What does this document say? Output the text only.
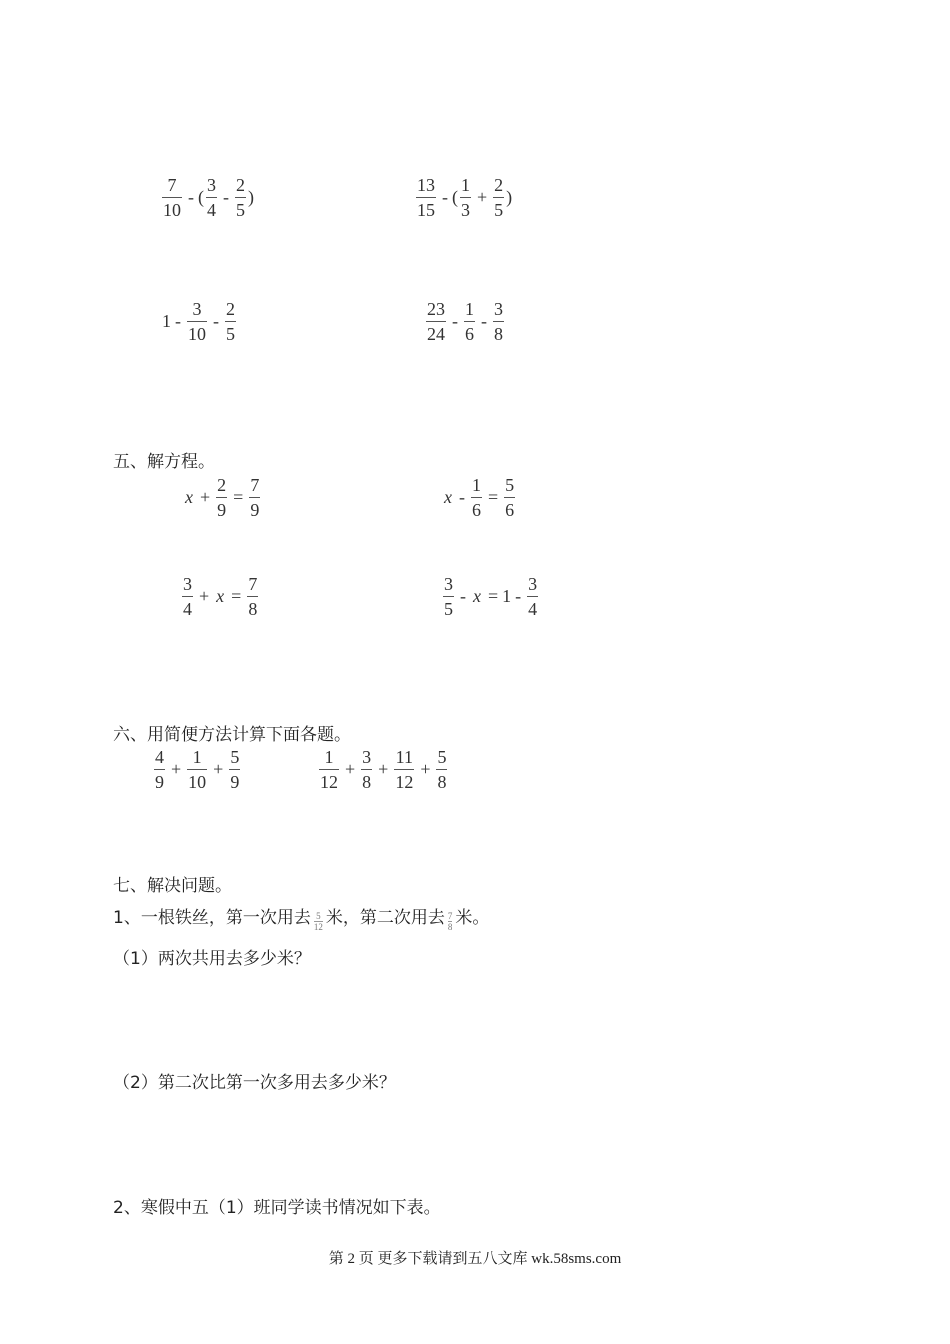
$\frac{7}{10}$ - ( $\frac{3}{4} - \frac{2}{5}$ )	$\frac{13}{15}$ - ( $\frac{1}{3} + \frac{2}{5}$ )
$1 - \frac{3}{10} - \frac{2}{5}$	$\frac{23}{24} - \frac{1}{6} - \frac{3}{8}$
五、解方程。
$x + \frac{2}{9} = \frac{7}{9}$	$x - \frac{1}{6} = \frac{5}{6}$
$\frac{3}{4} + x = \frac{7}{8}$	$\frac{3}{5} - x = 1 - \frac{3}{4}$
六、用简便方法计算下面各题。
$\frac{4}{9} + \frac{1}{10} + \frac{5}{9}$	$\frac{1}{12} + \frac{3}{8} + \frac{11}{12} + \frac{5}{8}$
七、解决问题。
1、一根铁丝，第一次用去 5
12 米，第二次用去 7
8 米。
（1）两次共用去多少米？
（2）第二次比第一次多用去多少米？
2、寒假中五（1）班同学读书情况如下表。
第 2 页 更多下载请到五八文库 wk.58sms.com
